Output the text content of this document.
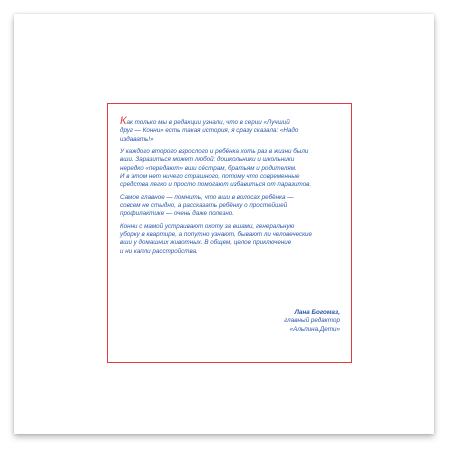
Как только мы в редакции узнали, что в серии «Лучший
друг — Конни» есть такая история, я сразу сказала: «Надо
издавать!»

У каждого второго взрослого и ребёнка хоть раз в жизни были
вши. Заразиться может любой: дошкольники и школьники
нередко «передают» вши сёстрам, братьям и родителям.
И в этом нет ничего страшного, потому что современные
средства легко и просто помогают избавиться от паразитов.

Самое главное — помнить, что вши в волосах ребёнка —
совсем не стыдно, а рассказать ребёнку о простейшей
профилактике — очень даже полезно.

Конни с мамой устраивают охоту за вшами, генеральную
уборку в квартире, а попутно узнают, бывают ли человеческие
вши у домашних животных. В общем, целое приключение
и ни капли расстройства.

Лана Богомаз,
главный редактор
«Альпина.Дети»
